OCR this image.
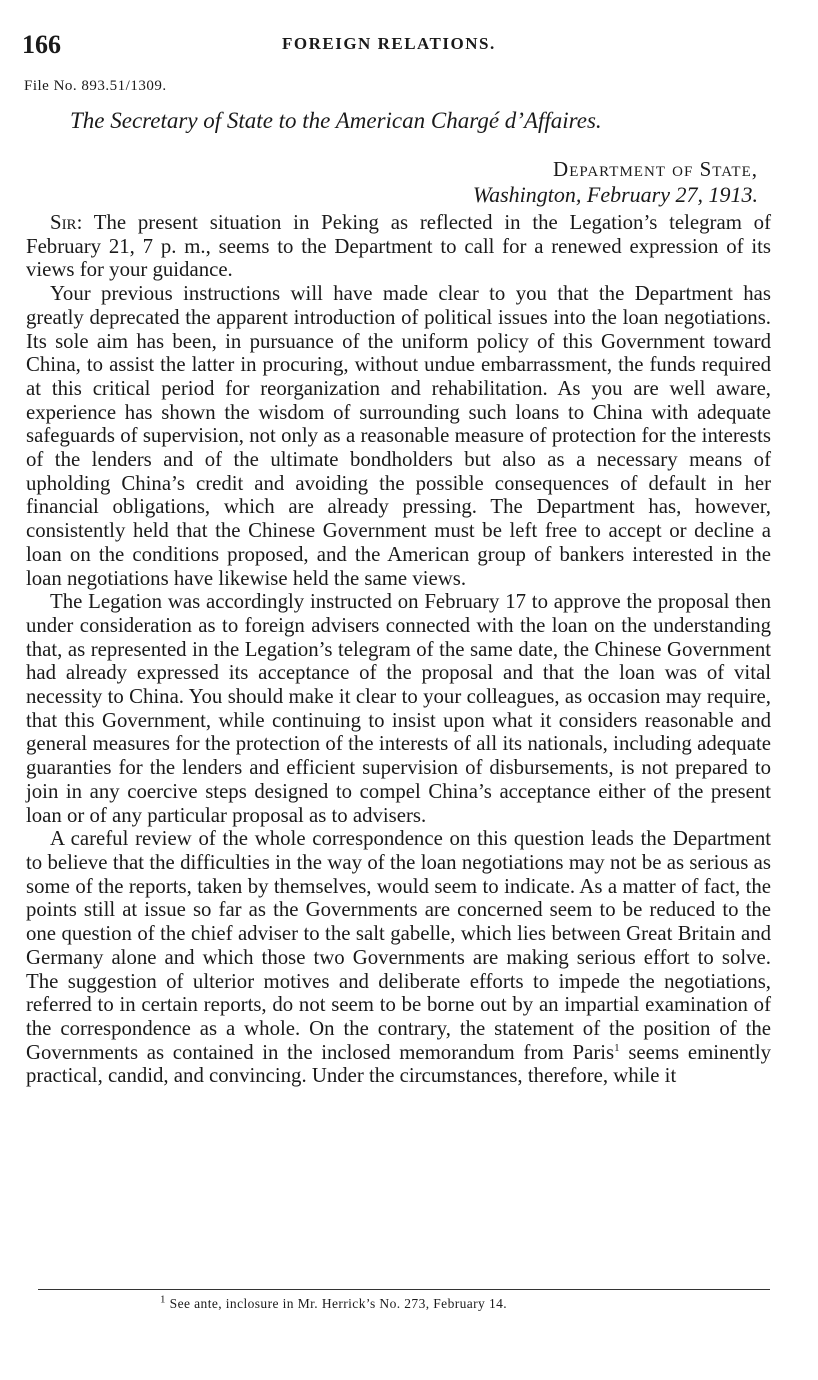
166	FOREIGN RELATIONS.
File No. 893.51/1309.
The Secretary of State to the American Chargé d’Affaires.
Department of State,
Washington, February 27, 1913.

Sir: The present situation in Peking as reflected in the Legation’s telegram of February 21, 7 p. m., seems to the Department to call for a renewed expression of its views for your guidance.

Your previous instructions will have made clear to you that the Department has greatly deprecated the apparent introduction of political issues into the loan negotiations. Its sole aim has been, in pursuance of the uniform policy of this Government toward China, to assist the latter in procuring, without undue embarrassment, the funds required at this critical period for reorganization and rehabilitation. As you are well aware, experience has shown the wisdom of surrounding such loans to China with adequate safeguards of supervision, not only as a reasonable measure of protection for the interests of the lenders and of the ultimate bondholders but also as a necessary means of upholding China’s credit and avoiding the possible consequences of default in her financial obligations, which are already pressing. The Department has, however, consistently held that the Chinese Government must be left free to accept or decline a loan on the conditions proposed, and the American group of bankers interested in the loan negotiations have likewise held the same views.

The Legation was accordingly instructed on February 17 to approve the proposal then under consideration as to foreign advisers connected with the loan on the understanding that, as represented in the Legation’s telegram of the same date, the Chinese Government had already expressed its acceptance of the proposal and that the loan was of vital necessity to China. You should make it clear to your colleagues, as occasion may require, that this Government, while continuing to insist upon what it considers reasonable and general measures for the protection of the interests of all its nationals, including adequate guaranties for the lenders and efficient supervision of disbursements, is not prepared to join in any coercive steps designed to compel China’s acceptance either of the present loan or of any particular proposal as to advisers.

A careful review of the whole correspondence on this question leads the Department to believe that the difficulties in the way of the loan negotiations may not be as serious as some of the reports, taken by themselves, would seem to indicate. As a matter of fact, the points still at issue so far as the Governments are concerned seem to be reduced to the one question of the chief adviser to the salt gabelle, which lies between Great Britain and Germany alone and which those two Governments are making serious effort to solve. The suggestion of ulterior motives and deliberate efforts to impede the negotiations, referred to in certain reports, do not seem to be borne out by an impartial examination of the correspondence as a whole. On the contrary, the statement of the position of the Governments as contained in the inclosed memorandum from Paris$^1$ seems eminently practical, candid, and convincing. Under the circumstances, therefore, while it

$^1$ See ante, inclosure in Mr. Herrick’s No. 273, February 14.
